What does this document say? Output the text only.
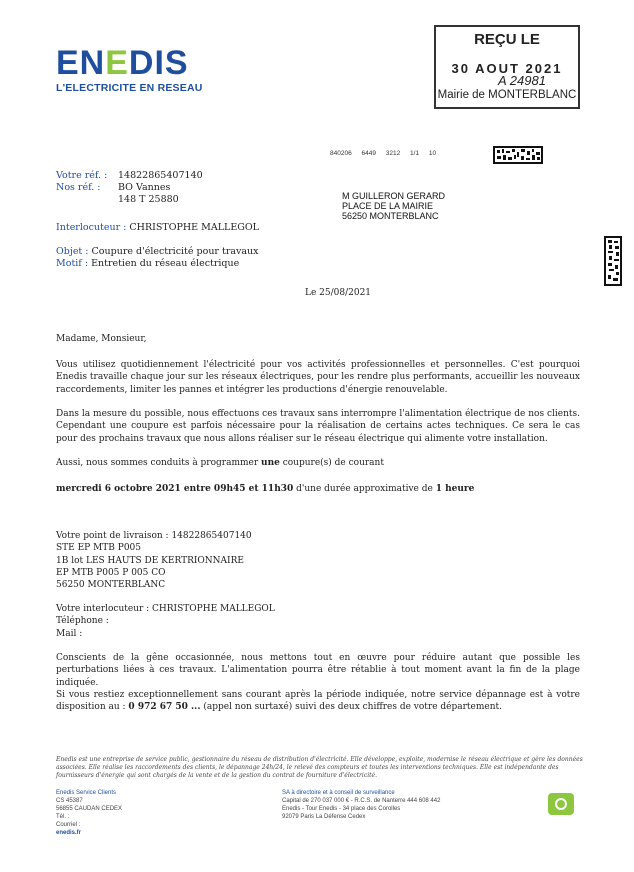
ENEDIS
L'ELECTRICITE EN RESEAU
REÇU LE
30 AOUT 2021
A 24981
Mairie de MONTERBLANC
840206 6449 3212 1/1 10
Votre réf. :	14822865407140
Nos réf. :	BO Vannes
148 T 25880
Interlocuteur : CHRISTOPHE MALLEGOL
Objet : Coupure d'électricité pour travaux
Motif : Entretien du réseau électrique
M GUILLERON GERARD
PLACE DE LA MAIRIE
56250 MONTERBLANC
Le 25/08/2021
Madame, Monsieur,
Vous utilisez quotidiennement l'électricité pour vos activités professionnelles et personnelles. C'est pourquoi Enedis travaille chaque jour sur les réseaux électriques, pour les rendre plus performants, accueillir les nouveaux raccordements, limiter les pannes et intégrer les productions d'énergie renouvelable.
Dans la mesure du possible, nous effectuons ces travaux sans interrompre l'alimentation électrique de nos clients. Cependant une coupure est parfois nécessaire pour la réalisation de certains actes techniques. Ce sera le cas pour des prochains travaux que nous allons réaliser sur le réseau électrique qui alimente votre installation.
Aussi, nous sommes conduits à programmer une coupure(s) de courant
mercredi 6 octobre 2021 entre 09h45 et 11h30 d'une durée approximative de 1 heure
Votre point de livraison : 14822865407140
STE EP MTB P005
1B lot LES HAUTS DE KERTRIONNAIRE
EP MTB P005 P 005 CO
56250 MONTERBLANC
Votre interlocuteur : CHRISTOPHE MALLEGOL
Téléphone :
Mail :
Conscients de la gêne occasionnée, nous mettons tout en œuvre pour réduire autant que possible les perturbations liées à ces travaux. L'alimentation pourra être rétablie à tout moment avant la fin de la plage indiquée.
Si vous restiez exceptionnellement sans courant après la période indiquée, notre service dépannage est à votre disposition au : 0 972 67 50 ... (appel non surtaxé) suivi des deux chiffres de votre département.
Enedis est une entreprise de service public, gestionnaire du réseau de distribution d'électricité. Elle développe, exploite, modernise le réseau électrique et gère les données associées. Elle réalise les raccordements des clients, le dépannage 24h/24, le relevé des compteurs et toutes les interventions techniques. Elle est indépendante des fournisseurs d'énergie qui sont chargés de la vente et de la gestion du contrat de fourniture d'électricité.
Enedis Service Clients
CS 45387
56855 CAUDAN CEDEX
Tél. :
Courriel :
enedis.fr
SA à directoire et à conseil de surveillance
Capital de 270 037 000 € - R.C.S. de Nanterre 444 608 442
Enedis - Tour Enedis - 34 place des Corolles
92079 Paris La Défense Cedex
